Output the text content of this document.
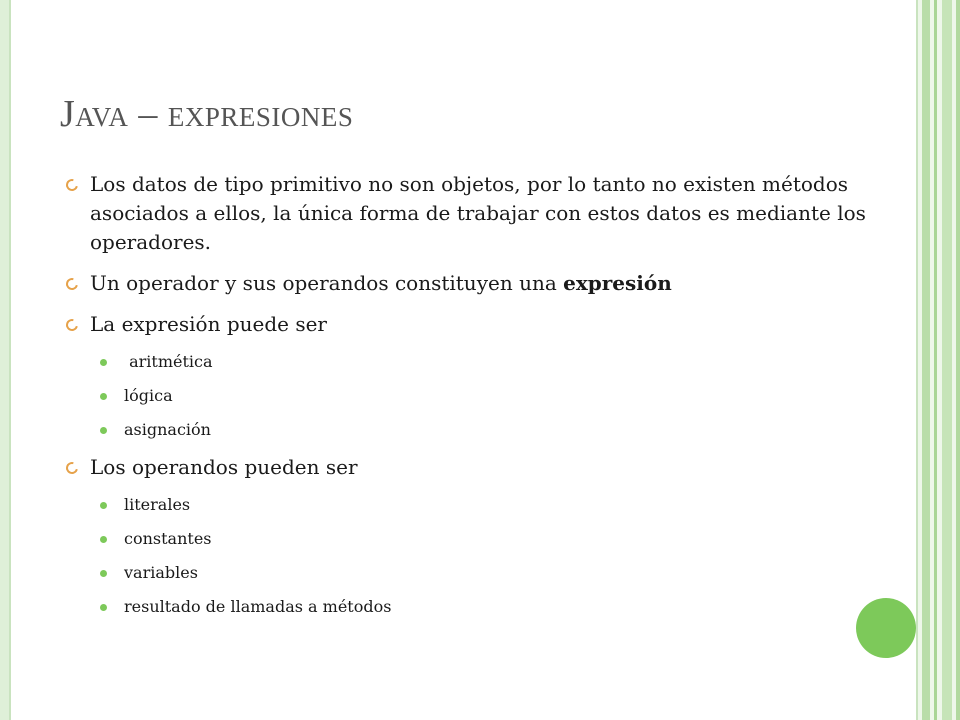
Java – expresiones

Los datos de tipo primitivo no son objetos, por lo tanto no existen métodos asociados a ellos, la única forma de trabajar con estos datos es mediante los operadores.

Un operador y sus operandos constituyen una expresión

La expresión puede ser

aritmética

lógica

asignación

Los operandos pueden ser

literales

constantes

variables

resultado de llamadas a métodos
